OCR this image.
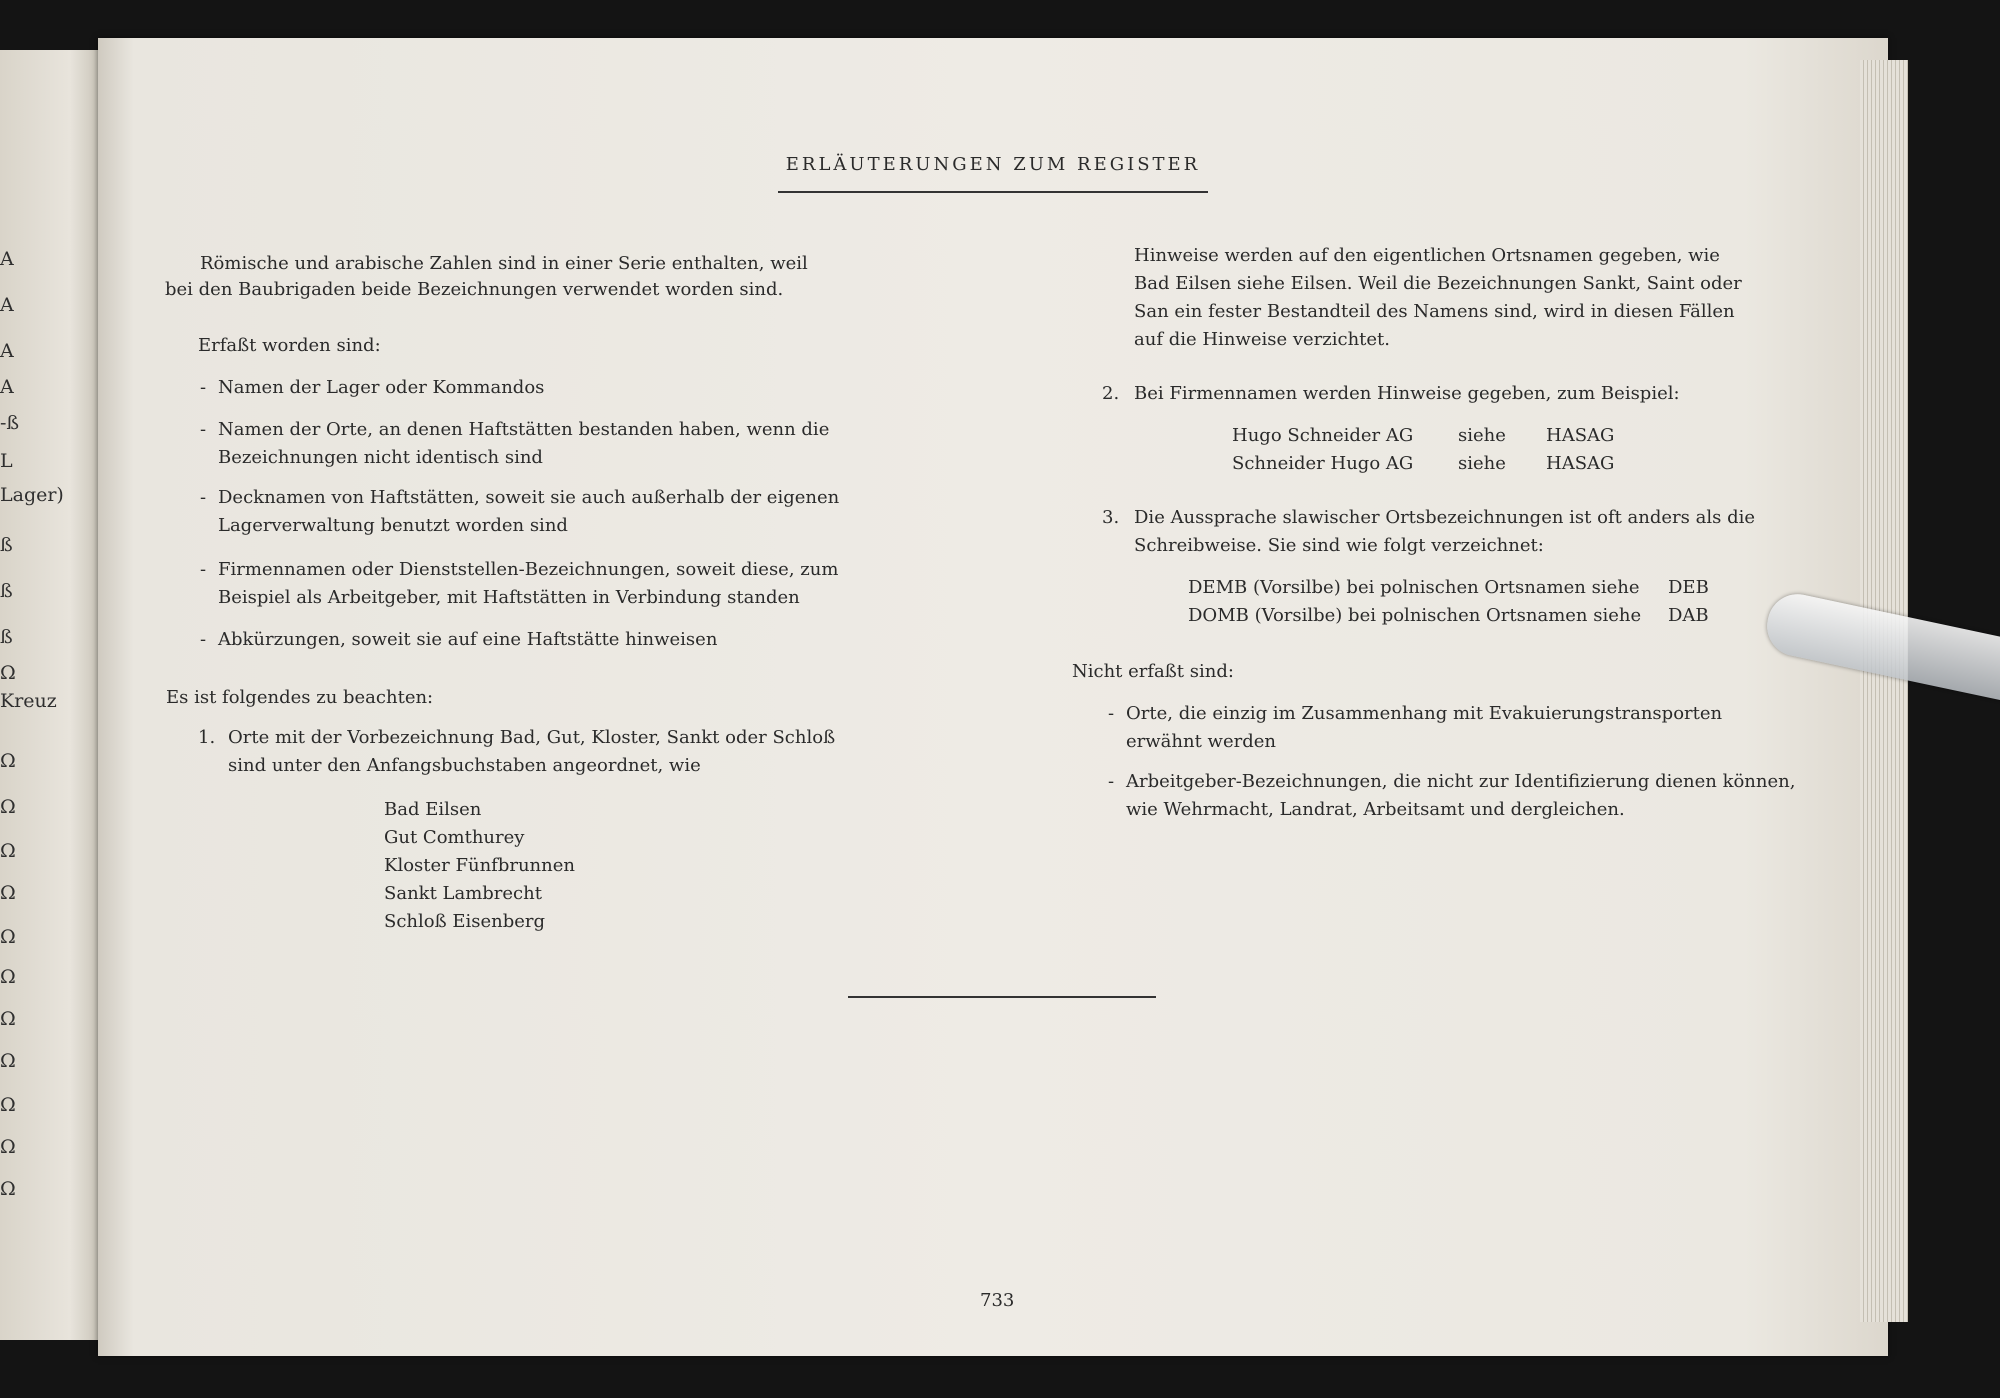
A
A
A
A
-ß
L
Lager)
ß
ß
ß
Ω
Kreuz
Ω
Ω
Ω
Ω
Ω
Ω
Ω
Ω
Ω
Ω
Ω
ERLÄUTERUNGEN ZUM REGISTER
Römische und arabische Zahlen sind in einer Serie enthalten, weil
bei den Baubrigaden beide Bezeichnungen verwendet worden sind.
Erfaßt worden sind:
- Namen der Lager oder Kommandos
- Namen der Orte, an denen Haftstätten bestanden haben, wenn die
Bezeichnungen nicht identisch sind
- Decknamen von Haftstätten, soweit sie auch außerhalb der eigenen
Lagerverwaltung benutzt worden sind
- Firmennamen oder Dienststellen-Bezeichnungen, soweit diese, zum
Beispiel als Arbeitgeber, mit Haftstätten in Verbindung standen
- Abkürzungen, soweit sie auf eine Haftstätte hinweisen
Es ist folgendes zu beachten:
1. Orte mit der Vorbezeichnung Bad, Gut, Kloster, Sankt oder Schloß
sind unter den Anfangsbuchstaben angeordnet, wie
Bad Eilsen
Gut Comthurey
Kloster Fünfbrunnen
Sankt Lambrecht
Schloß Eisenberg
Hinweise werden auf den eigentlichen Ortsnamen gegeben, wie
Bad Eilsen siehe Eilsen. Weil die Bezeichnungen Sankt, Saint oder
San ein fester Bestandteil des Namens sind, wird in diesen Fällen
auf die Hinweise verzichtet.
2. Bei Firmennamen werden Hinweise gegeben, zum Beispiel:
Hugo Schneider AG siehe HASAG
Schneider Hugo AG siehe HASAG
3. Die Aussprache slawischer Ortsbezeichnungen ist oft anders als die
Schreibweise. Sie sind wie folgt verzeichnet:
DEMB (Vorsilbe) bei polnischen Ortsnamen siehe DEB
DOMB (Vorsilbe) bei polnischen Ortsnamen siehe DAB
Nicht erfaßt sind:
- Orte, die einzig im Zusammenhang mit Evakuierungstransporten
erwähnt werden
- Arbeitgeber-Bezeichnungen, die nicht zur Identifizierung dienen können,
wie Wehrmacht, Landrat, Arbeitsamt und dergleichen.
733
